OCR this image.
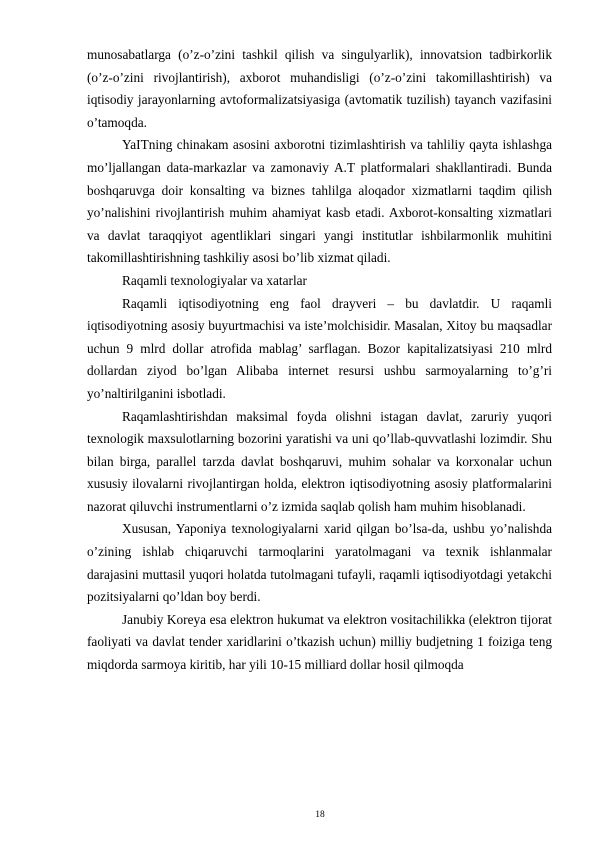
munosabatlarga (o’z-o’zini tashkil qilish va singulyarlik), innovatsion tadbirkorlik (o’z-o’zini rivojlantirish), axborot muhandisligi (o’z-o’zini takomillashtirish) va iqtisodiy jarayonlarning avtoformalizatsiyasiga (avtomatik tuzilish) tayanch vazifasini o’tamoqda.

YaITning chinakam asosini axborotni tizimlashtirish va tahliliy qayta ishlashga mo’ljallangan data-markazlar va zamonaviy A.T platformalari shakllantiradi. Bunda boshqaruvga doir konsalting va biznes tahlilga aloqador xizmatlarni taqdim qilish yo’nalishini rivojlantirish muhim ahamiyat kasb etadi. Axborot-konsalting xizmatlari va davlat taraqqiyot agentliklari singari yangi institutlar ishbilarmonlik muhitini takomillashtirishning tashkiliy asosi bo’lib xizmat qiladi.

Raqamli texnologiyalar va xatarlar

Raqamli iqtisodiyotning eng faol drayveri – bu davlatdir. U raqamli iqtisodiyotning asosiy buyurtmachisi va iste’molchisidir. Masalan, Xitoy bu maqsadlar uchun 9 mlrd dollar atrofida mablag’ sarflagan. Bozor kapitalizatsiyasi 210 mlrd dollardan ziyod bo’lgan Alibaba internet resursi ushbu sarmoyalarning to’g’ri yo’naltirilganini isbotladi.

Raqamlashtirishdan maksimal foyda olishni istagan davlat, zaruriy yuqori texnologik maxsulotlarning bozorini yaratishi va uni qo’llab-quvvatlashi lozimdir. Shu bilan birga, parallel tarzda davlat boshqaruvi, muhim sohalar va korxonalar uchun xususiy ilovalarni rivojlantirgan holda, elektron iqtisodiyotning asosiy platformalarini nazorat qiluvchi instrumentlarni o’z izmida saqlab qolish ham muhim hisoblanadi.

Xususan, Yaponiya texnologiyalarni xarid qilgan bo’lsa-da, ushbu yo’nalishda o’zining ishlab chiqaruvchi tarmoqlarini yaratolmagani va texnik ishlanmalar darajasini muttasil yuqori holatda tutolmagani tufayli, raqamli iqtisodiyotdagi yetakchi pozitsiyalarni qo’ldan boy berdi.

Janubiy Koreya esa elektron hukumat va elektron vositachilikka (elektron tijorat faoliyati va davlat tender xaridlarini o’tkazish uchun) milliy budjetning 1 foiziga teng miqdorda sarmoya kiritib, har yili 10-15 milliard dollar hosil qilmoqda

18
